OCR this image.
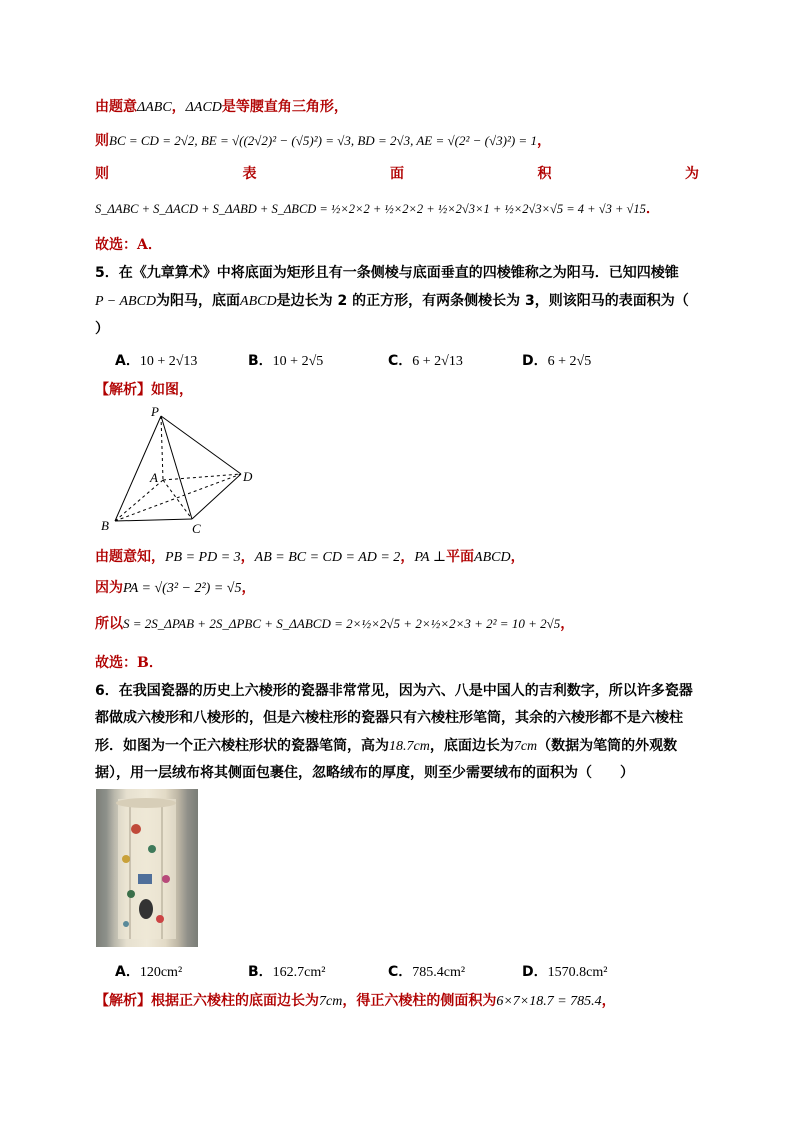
由题意ΔABC，ΔACD是等腰直角三角形，
则BC = CD = 2√2, BE = √((2√2)² − (√5)²) = √3, BD = 2√3, AE = √(2² − (√3)²) = 1，
则	表	面	积	为
S_ΔABC + S_ΔACD + S_ΔABD + S_ΔBCD = ½×2×2 + ½×2×2 + ½×2√3×1 + ½×2√3×√5 = 4 + √3 + √15．
故选：A．
5．在《九章算术》中将底面为矩形且有一条侧棱与底面垂直的四棱锥称之为阳马．已知四棱锥
P − ABCD为阳马，底面ABCD是边长为 2 的正方形，有两条侧棱长为 3，则该阳马的表面积为（
）
A．10 + 2√13	B．10 + 2√5	C．6 + 2√13	D．6 + 2√5
【解析】如图，
P
A
B	C
D
由题意知，PB = PD = 3，AB = BC = CD = AD = 2，PA ⊥平面ABCD，
因为PA = √(3² − 2²) = √5，
所以S = 2S_ΔPAB + 2S_ΔPBC + S_ΔABCD = 2×½×2√5 + 2×½×2×3 + 2² = 10 + 2√5，
故选：B．
6．在我国瓷器的历史上六棱形的瓷器非常常见，因为六、八是中国人的吉利数字，所以许多瓷器
都做成六棱形和八棱形的，但是六棱柱形的瓷器只有六棱柱形笔筒，其余的六棱形都不是六棱柱
形．如图为一个正六棱柱形状的瓷器笔筒，高为18.7cm，底面边长为7cm（数据为笔筒的外观数
据），用一层绒布将其侧面包裹住，忽略绒布的厚度，则至少需要绒布的面积为（　　）
A．120cm²	B．162.7cm²	C．785.4cm²	D．1570.8cm²
【解析】根据正六棱柱的底面边长为7cm，得正六棱柱的侧面积为6×7×18.7 = 785.4，
